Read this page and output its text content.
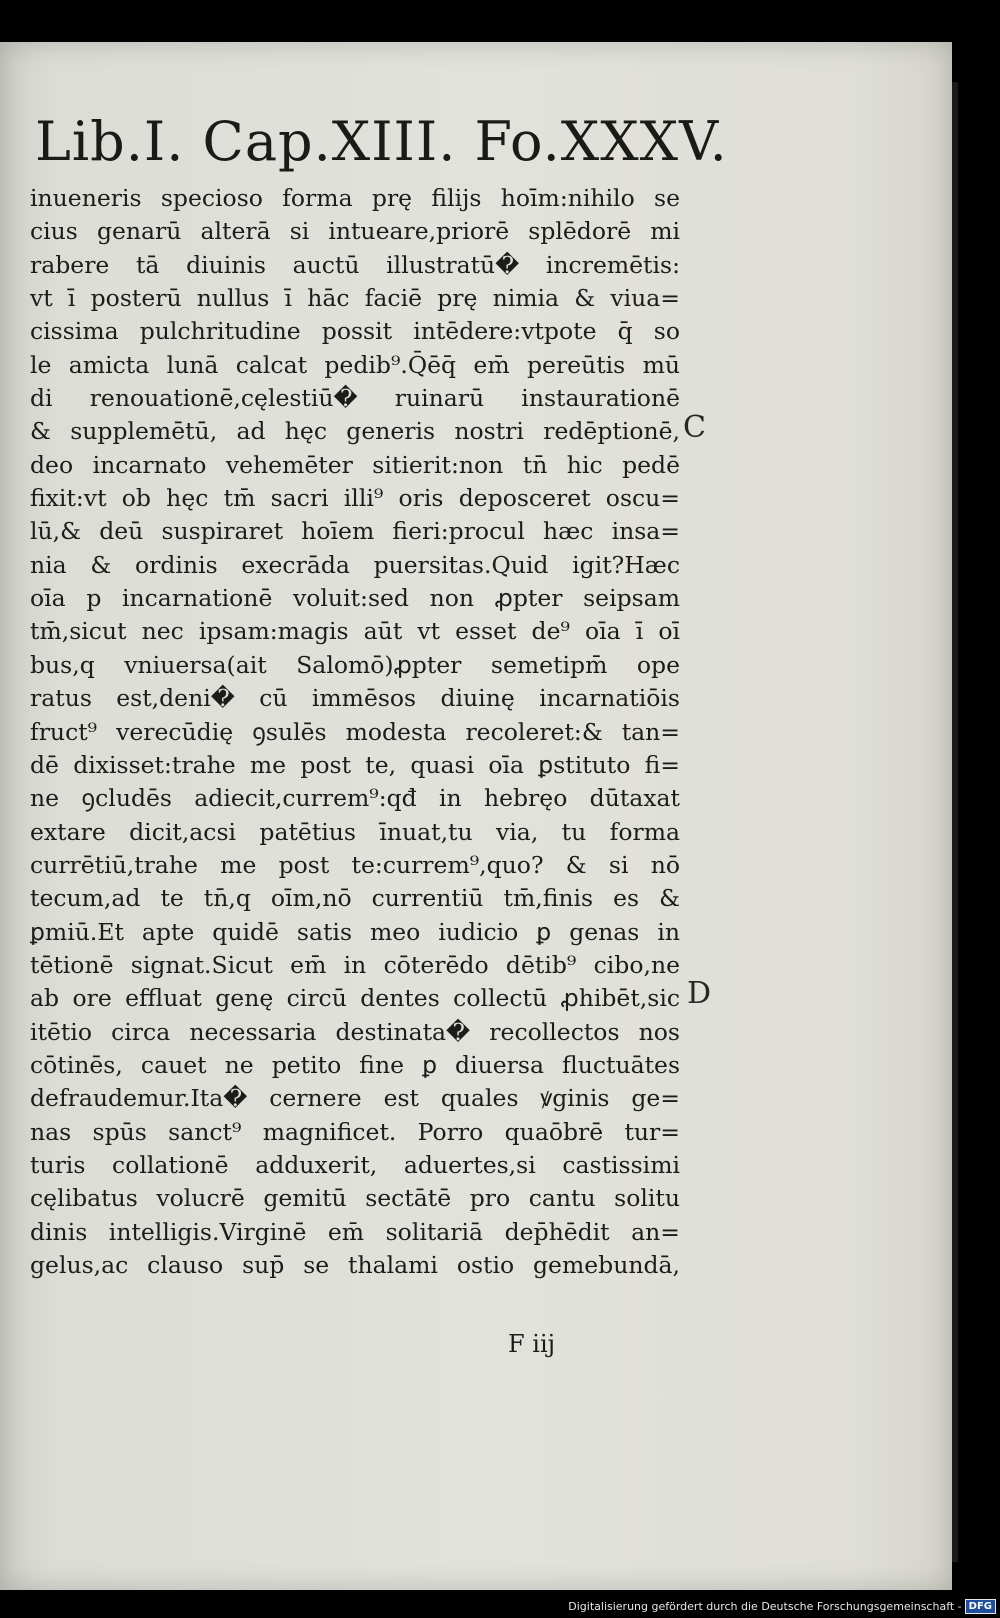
Lib.I. Cap.XIII. Fo.XXXV.
inueneris specioso forma prę filijs hoīm:nihilo se
cius genarū alterā si intueare,priorē splēdorē mi
rabere tā diuinis auctū illustratū� incremētis:
vt ī posterū nullus ī hāc faciē prę nimia & viua=
cissima pulchritudine possit intēdere:vtpote q̄ so
le amicta lunā calcat pedib⁹.Q̄ēq̄ em̄ pereūtis mū
di renouationē,cęlestiū� ruinarū instaurationē
& supplemētū, ad hęc generis nostri redēptionē,
deo incarnato vehemēter sitierit:non tn̄ hic pedē
fixit:vt ob hęc tm̄ sacri illi⁹ oris deposceret oscu=
lū,& deū suspiraret hoīem fieri:procul hæc insa=
nia & ordinis execrāda puersitas.Quid igit?Hæc
oīa p incarnationē voluit:sed non ꝓpter seipsam
tm̄,sicut nec ipsam:magis aūt vt esset de⁹ oīa ī oī
bus,q vniuersa(ait Salomō)ꝓpter semetipm̄ ope
ratus est,deni� cū immēsos diuinę incarnatiōis
fruct⁹ verecūdię ꝯsulēs modesta recoleret:& tan=
dē dixisset:trahe me post te, quasi oīa ꝑstituto fi=
ne ꝯcludēs adiecit,currem⁹:qđ in hebręo dūtaxat
extare dicit,acsi patētius īnuat,tu via, tu forma
currētiū,trahe me post te:currem⁹,quo? & si nō
tecum,ad te tn̄,q oīm,nō currentiū tm̄,finis es &
ꝑmiū.Et apte quidē satis meo iudicio ꝑ genas in
tētionē signat.Sicut em̄ in cōterēdo dētib⁹ cibo,ne
ab ore effluat genę circū dentes collectū ꝓhibēt,sic
itētio circa necessaria destinata� recollectos nos
cōtinēs, cauet ne petito fine ꝑ diuersa fluctuātes
defraudemur.Ita� cernere est quales ꝟginis ge=
nas spūs sanct⁹ magnificet. Porro quaōbrē tur=
turis collationē adduxerit, aduertes,si castissimi
cęlibatus volucrē gemitū sectātē pro cantu solitu
dinis intelligis.Virginē em̄ solitariā dep̄hēdit an=
gelus,ac clauso sup̄ se thalami ostio gemebundā,
C
D
F iij
Digitalisierung gefördert durch die Deutsche Forschungsgemeinschaft - DFG
